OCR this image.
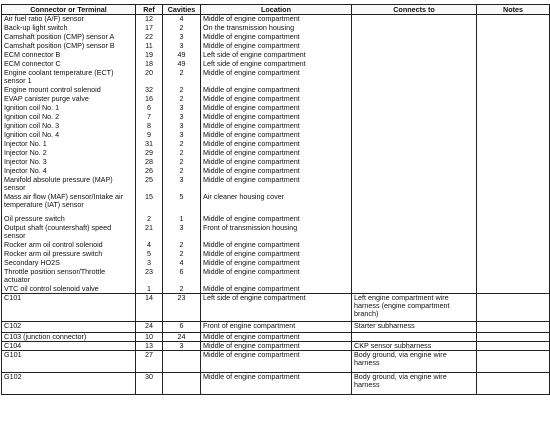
Connector or Terminal	Ref	Cavities	Location	Connects to	Notes
Air fuel ratio (A/F) sensor	12	4	Middle of engine compartment		
Back-up light switch	17	2	On the transmission housing		
Camshaft position (CMP) sensor A	22	3	Middle of engine compartment		
Camshaft position (CMP) sensor B	11	3	Middle of engine compartment		
ECM connector B	19	49	Left side of engine compartment		
ECM connector C	18	49	Left side of engine compartment		
Engine coolant temperature (ECT) sensor 1	20	2	Middle of engine compartment		
Engine mount control solenoid	32	2	Middle of engine compartment		
EVAP canister purge valve	16	2	Middle of engine compartment		
Ignition coil No. 1	6	3	Middle of engine compartment		
Ignition coil No. 2	7	3	Middle of engine compartment		
Ignition coil No. 3	8	3	Middle of engine compartment		
Ignition coil No. 4	9	3	Middle of engine compartment		
Injector No. 1	31	2	Middle of engine compartment		
Injector No. 2	29	2	Middle of engine compartment		
Injector No. 3	28	2	Middle of engine compartment		
Injector No. 4	26	2	Middle of engine compartment		
Manifold absolute pressure (MAP) sensor	25	3	Middle of engine compartment		
Mass air flow (MAF) sensor/Intake air temperature (IAT) sensor	15	5	Air cleaner housing cover		
Oil pressure switch	2	1	Middle of engine compartment		
Output shaft (countershaft) speed sensor	21	3	Front of transmission housing		
Rocker arm oil control solenoid	4	2	Middle of engine compartment		
Rocker arm oil pressure switch	5	2	Middle of engine compartment		
Secondary HO2S	3	4	Middle of engine compartment		
Throttle position sensor/Throttle actuator	23	6	Middle of engine compartment		
VTC oil control solenoid valve	1	2	Middle of engine compartment		
C101	14	23	Left side of engine compartment	Left engine compartment wire harness (engine compartment branch)	
C102	24	6	Front of engine compartment	Starter subharness	
C103 (junction connector)	10	24	Middle of engine compartment		
C104	13	3	Middle of engine compartment	CKP sensor subharness	
G101	27		Middle of engine compartment	Body ground, via engine wire harness	
G102	30		Middle of engine compartment	Body ground, via engine wire harness	
